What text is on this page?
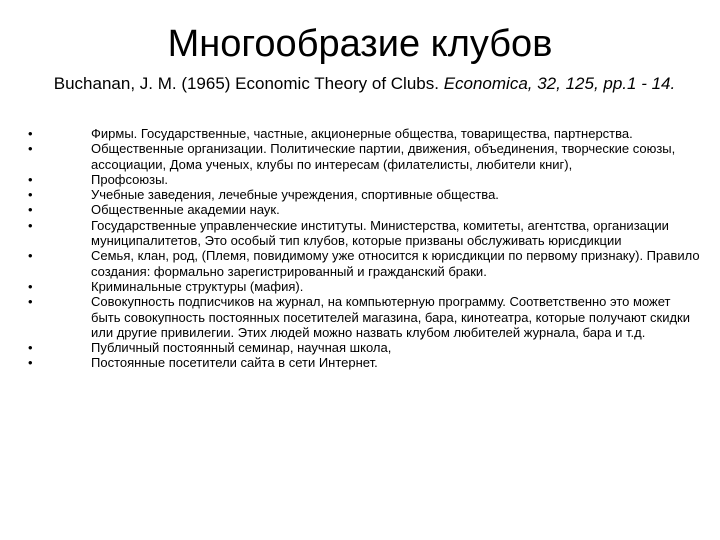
Многообразие клубов
Buchanan, J. M. (1965) Economic Theory of Clubs. Economica, 32, 125, pp.1 - 14.
•	Фирмы. Государственные, частные, акционерные общества, товарищества, партнерства.
•	Общественные организации. Политические партии, движения, объединения, творческие союзы, ассоциации, Дома ученых, клубы по интересам (филателисты, любители книг),
•	Профсоюзы.
•	Учебные заведения, лечебные учреждения, спортивные общества.
•	Общественные академии наук.
•	Государственные управленческие институты. Министерства, комитеты, агентства, организации муниципалитетов, Это особый тип клубов, которые призваны обслуживать юрисдикции
•	Семья, клан, род, (Племя, повидимому уже относится к юрисдикции по первому признаку). Правило создания: формально зарегистрированный и гражданский браки.
•	Криминальные структуры (мафия).
•	Совокупность подписчиков на журнал, на компьютерную программу. Соответственно это может быть совокупность постоянных посетителей магазина, бара, кинотеатра, которые получают скидки или другие привилегии. Этих людей можно назвать клубом любителей журнала, бара и т.д.
•	Публичный постоянный семинар, научная школа,
•	Постоянные посетители сайта в сети Интернет.
